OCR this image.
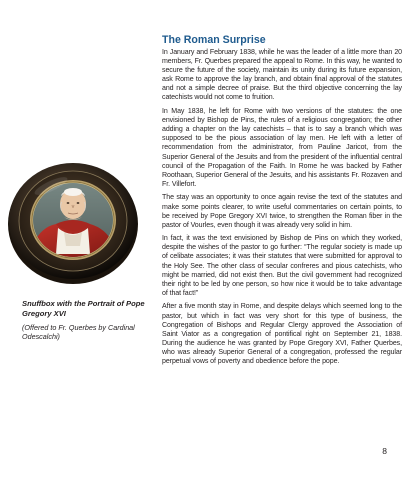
Snuffbox with the Portrait of Pope Gregory XVI
(Offered to Fr. Querbes by Cardinal Odescalchi)
The Roman Surprise

In January and February 1838, while he was the leader of a little more than 20 members, Fr. Querbes prepared the appeal to Rome. In this way, he wanted to secure the future of the society, maintain its unity during its future expansion, ask Rome to approve the lay branch, and obtain final approval of the statutes and not a simple decree of praise. But the third objective concerning the lay catechists would not come to fruition.

In May 1838, he left for Rome with two versions of the statutes: the one envisioned by Bishop de Pins, the rules of a religious congregation; the other adding a chapter on the lay catechists – that is to say a branch which was supposed to be the pious association of lay men. He left with a letter of recommendation from the administrator, from Pauline Jaricot, from the Superior General of the Jesuits and from the president of the influential central council of the Propagation of the Faith. In Rome he was backed by Father Roothaan, Superior General of the Jesuits, and his assistants Fr. Rozaven and Fr. Villefort.

The stay was an opportunity to once again revise the text of the statutes and make some points clearer, to write useful commentaries on certain points, to be received by Pope Gregory XVI twice, to strengthen the Roman fiber in the pastor of Vourles, even though it was already very solid in him.

In fact, it was the text envisioned by Bishop de Pins on which they worked, despite the wishes of the pastor to go further: “The regular society is made up of celibate associates; it was their statutes that were submitted for approval to the Holy See. The other class of secular confreres and pious catechists, who might be married, did not exist then. But the civil government had recognized their right to be led by one person, so how nice it would be to take advantage of that fact!”

After a five month stay in Rome, and despite delays which seemed long to the pastor, but which in fact was very short for this type of business, the Congregation of Bishops and Regular Clergy approved the Association of Saint Viator as a congregation of pontifical right on September 21, 1838. During the audience he was granted by Pope Gregory XVI, Father Querbes, who was already Superior General of a congregation, professed the regular perpetual vows of poverty and obedience before the pope.

8
